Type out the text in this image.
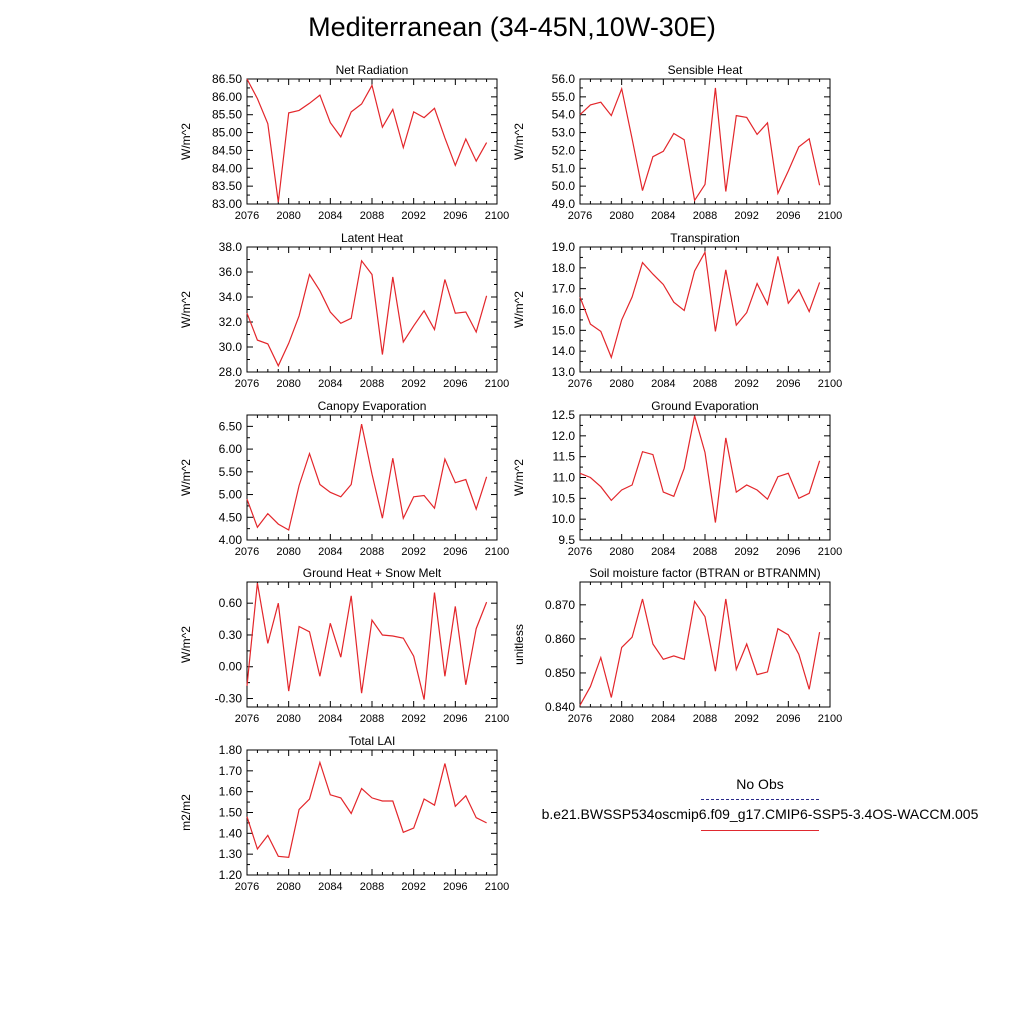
Mediterranean (34-45N,10W-30E)
Net Radiation
W/m^2
2076 2080 2084 2088 2092 2096 2100
83.00
83.50
84.00
84.50
85.00
85.50
86.00
86.50
Sensible Heat
W/m^2
2076 2080 2084 2088 2092 2096 2100
49.0
50.0
51.0
52.0
53.0
54.0
55.0
56.0
Latent Heat
W/m^2
2076 2080 2084 2088 2092 2096 2100
28.0
30.0
32.0
34.0
36.0
38.0
Transpiration
W/m^2
2076 2080 2084 2088 2092 2096 2100
13.0
14.0
15.0
16.0
17.0
18.0
19.0
Canopy Evaporation
W/m^2
2076 2080 2084 2088 2092 2096 2100
4.00
4.50
5.00
5.50
6.00
6.50
Ground Evaporation
W/m^2
2076 2080 2084 2088 2092 2096 2100
9.5
10.0
10.5
11.0
11.5
12.0
12.5
Ground Heat + Snow Melt
W/m^2
2076 2080 2084 2088 2092 2096 2100
-0.30
0.00
0.30
0.60
Soil moisture factor (BTRAN or BTRANMN)
unitless
2076 2080 2084 2088 2092 2096 2100
0.840
0.850
0.860
0.870
Total LAI
m2/m2
2076 2080 2084 2088 2092 2096 2100
1.20
1.30
1.40
1.50
1.60
1.70
1.80
No Obs
b.e21.BWSSP534oscmip6.f09_g17.CMIP6-SSP5-3.4OS-WACCM.005
